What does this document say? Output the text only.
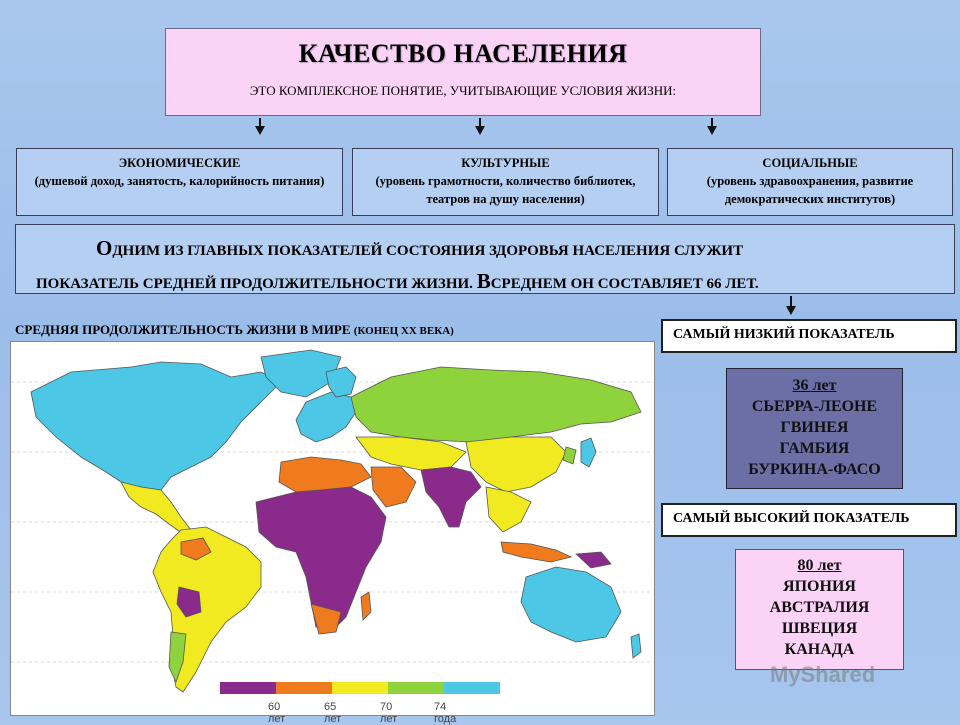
КАЧЕСТВО НАСЕЛЕНИЯ
ЭТО КОМПЛЕКСНОЕ ПОНЯТИЕ, УЧИТЫВАЮЩИЕ УСЛОВИЯ ЖИЗНИ:
ЭКОНОМИЧЕСКИЕ
(душевой доход, занятость, калорийность питания)
КУЛЬТУРНЫЕ
(уровень грамотности, количество библиотек, театров на душу населения)
СОЦИАЛЬНЫЕ
(уровень здравоохранения, развитие демократических институтов)
ОДНИМ ИЗ ГЛАВНЫХ ПОКАЗАТЕЛЕЙ СОСТОЯНИЯ ЗДОРОВЬЯ НАСЕЛЕНИЯ СЛУЖИТ
ПОКАЗАТЕЛЬ СРЕДНЕЙ ПРОДОЛЖИТЕЛЬНОСТИ ЖИЗНИ. ВСРЕДНЕМ ОН СОСТАВЛЯЕТ 66 ЛЕТ.
СРЕДНЯЯ ПРОДОЛЖИТЕЛЬНОСТЬ ЖИЗНИ В МИРЕ (КОНЕЦ XX ВЕКА)
60 лет
65 лет
70 лет
74 года
САМЫЙ НИЗКИЙ ПОКАЗАТЕЛЬ
36 лет
СЬЕРРА-ЛЕОНЕ
ГВИНЕЯ
ГАМБИЯ
БУРКИНА-ФАСО
САМЫЙ ВЫСОКИЙ ПОКАЗАТЕЛЬ
80 лет
ЯПОНИЯ
АВСТРАЛИЯ
ШВЕЦИЯ
КАНАДА
MyShared
